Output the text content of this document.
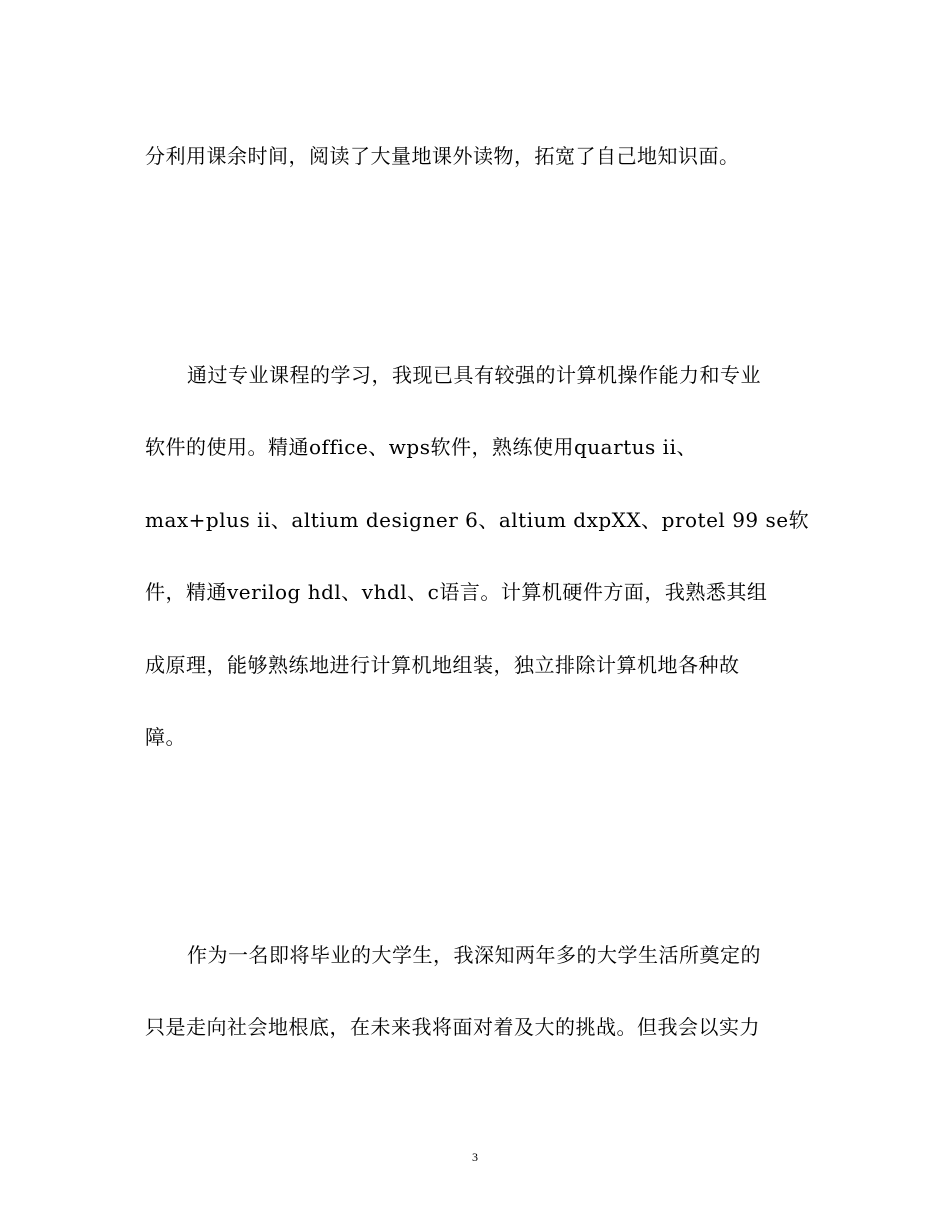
分利用课余时间，阅读了大量地课外读物，拓宽了自己地知识面。
通过专业课程的学习，我现已具有较强的计算机操作能力和专业
软件的使用。精通office、wps软件，熟练使用quartus ii、
max+plus ii、altium designer 6、altium dxpXX、protel 99 se软
件，精通verilog hdl、vhdl、c语言。计算机硬件方面，我熟悉其组
成原理，能够熟练地进行计算机地组装，独立排除计算机地各种故
障。
作为一名即将毕业的大学生，我深知两年多的大学生活所奠定的
只是走向社会地根底，在未来我将面对着及大的挑战。但我会以实力
3
